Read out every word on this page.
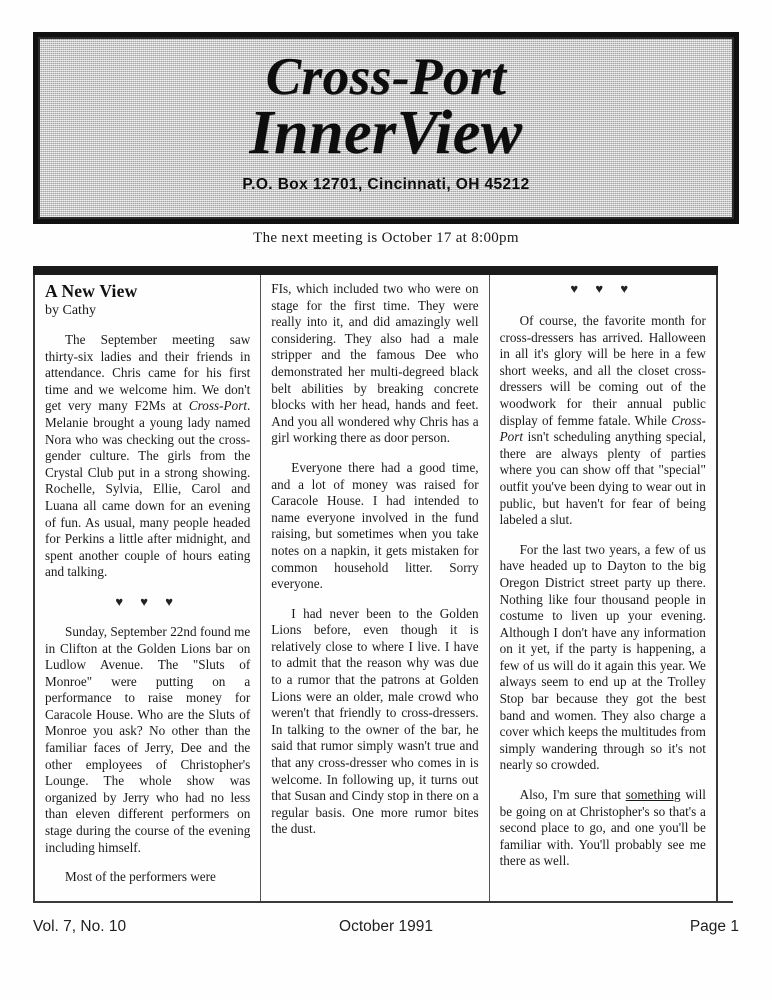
Cross-Port
InnerView
P.O. Box 12701, Cincinnati, OH 45212
The next meeting is October 17 at 8:00pm
A New View
by Cathy

The September meeting saw thirty-six ladies and their friends in attendance. Chris came for his first time and we welcome him. We don't get very many F2Ms at Cross-Port. Melanie brought a young lady named Nora who was checking out the cross-gender culture. The girls from the Crystal Club put in a strong showing. Rochelle, Sylvia, Ellie, Carol and Luana all came down for an evening of fun. As usual, many people headed for Perkins a little after midnight, and spent another couple of hours eating and talking.

♥ ♥ ♥

Sunday, September 22nd found me in Clifton at the Golden Lions bar on Ludlow Avenue. The "Sluts of Monroe" were putting on a performance to raise money for Caracole House. Who are the Sluts of Monroe you ask? No other than the familiar faces of Jerry, Dee and the other employees of Christopher's Lounge. The whole show was organized by Jerry who had no less than eleven different performers on stage during the course of the evening including himself.

Most of the performers were

FIs, which included two who were on stage for the first time. They were really into it, and did amazingly well considering. They also had a male stripper and the famous Dee who demonstrated her multi-degreed black belt abilities by breaking concrete blocks with her head, hands and feet. And you all wondered why Chris has a girl working there as door person.

Everyone there had a good time, and a lot of money was raised for Caracole House. I had intended to name everyone involved in the fund raising, but sometimes when you take notes on a napkin, it gets mistaken for common household litter. Sorry everyone.

I had never been to the Golden Lions before, even though it is relatively close to where I live. I have to admit that the reason why was due to a rumor that the patrons at Golden Lions were an older, male crowd who weren't that friendly to cross-dressers. In talking to the owner of the bar, he said that rumor simply wasn't true and that any cross-dresser who comes in is welcome. In following up, it turns out that Susan and Cindy stop in there on a regular basis. One more rumor bites the dust.

♥ ♥ ♥

Of course, the favorite month for cross-dressers has arrived. Halloween in all it's glory will be here in a few short weeks, and all the closet cross-dressers will be coming out of the woodwork for their annual public display of femme fatale. While Cross-Port isn't scheduling anything special, there are always plenty of parties where you can show off that "special" outfit you've been dying to wear out in public, but haven't for fear of being labeled a slut.

For the last two years, a few of us have headed up to Dayton to the big Oregon District street party up there. Nothing like four thousand people in costume to liven up your evening. Although I don't have any information on it yet, if the party is happening, a few of us will do it again this year. We always seem to end up at the Trolley Stop bar because they got the best band and women. They also charge a cover which keeps the multitudes from simply wandering through so it's not nearly so crowded.

Also, I'm sure that something will be going on at Christopher's so that's a second place to go, and one you'll be familiar with. You'll probably see me there as well.

Vol. 7, No. 10	October 1991	Page 1
